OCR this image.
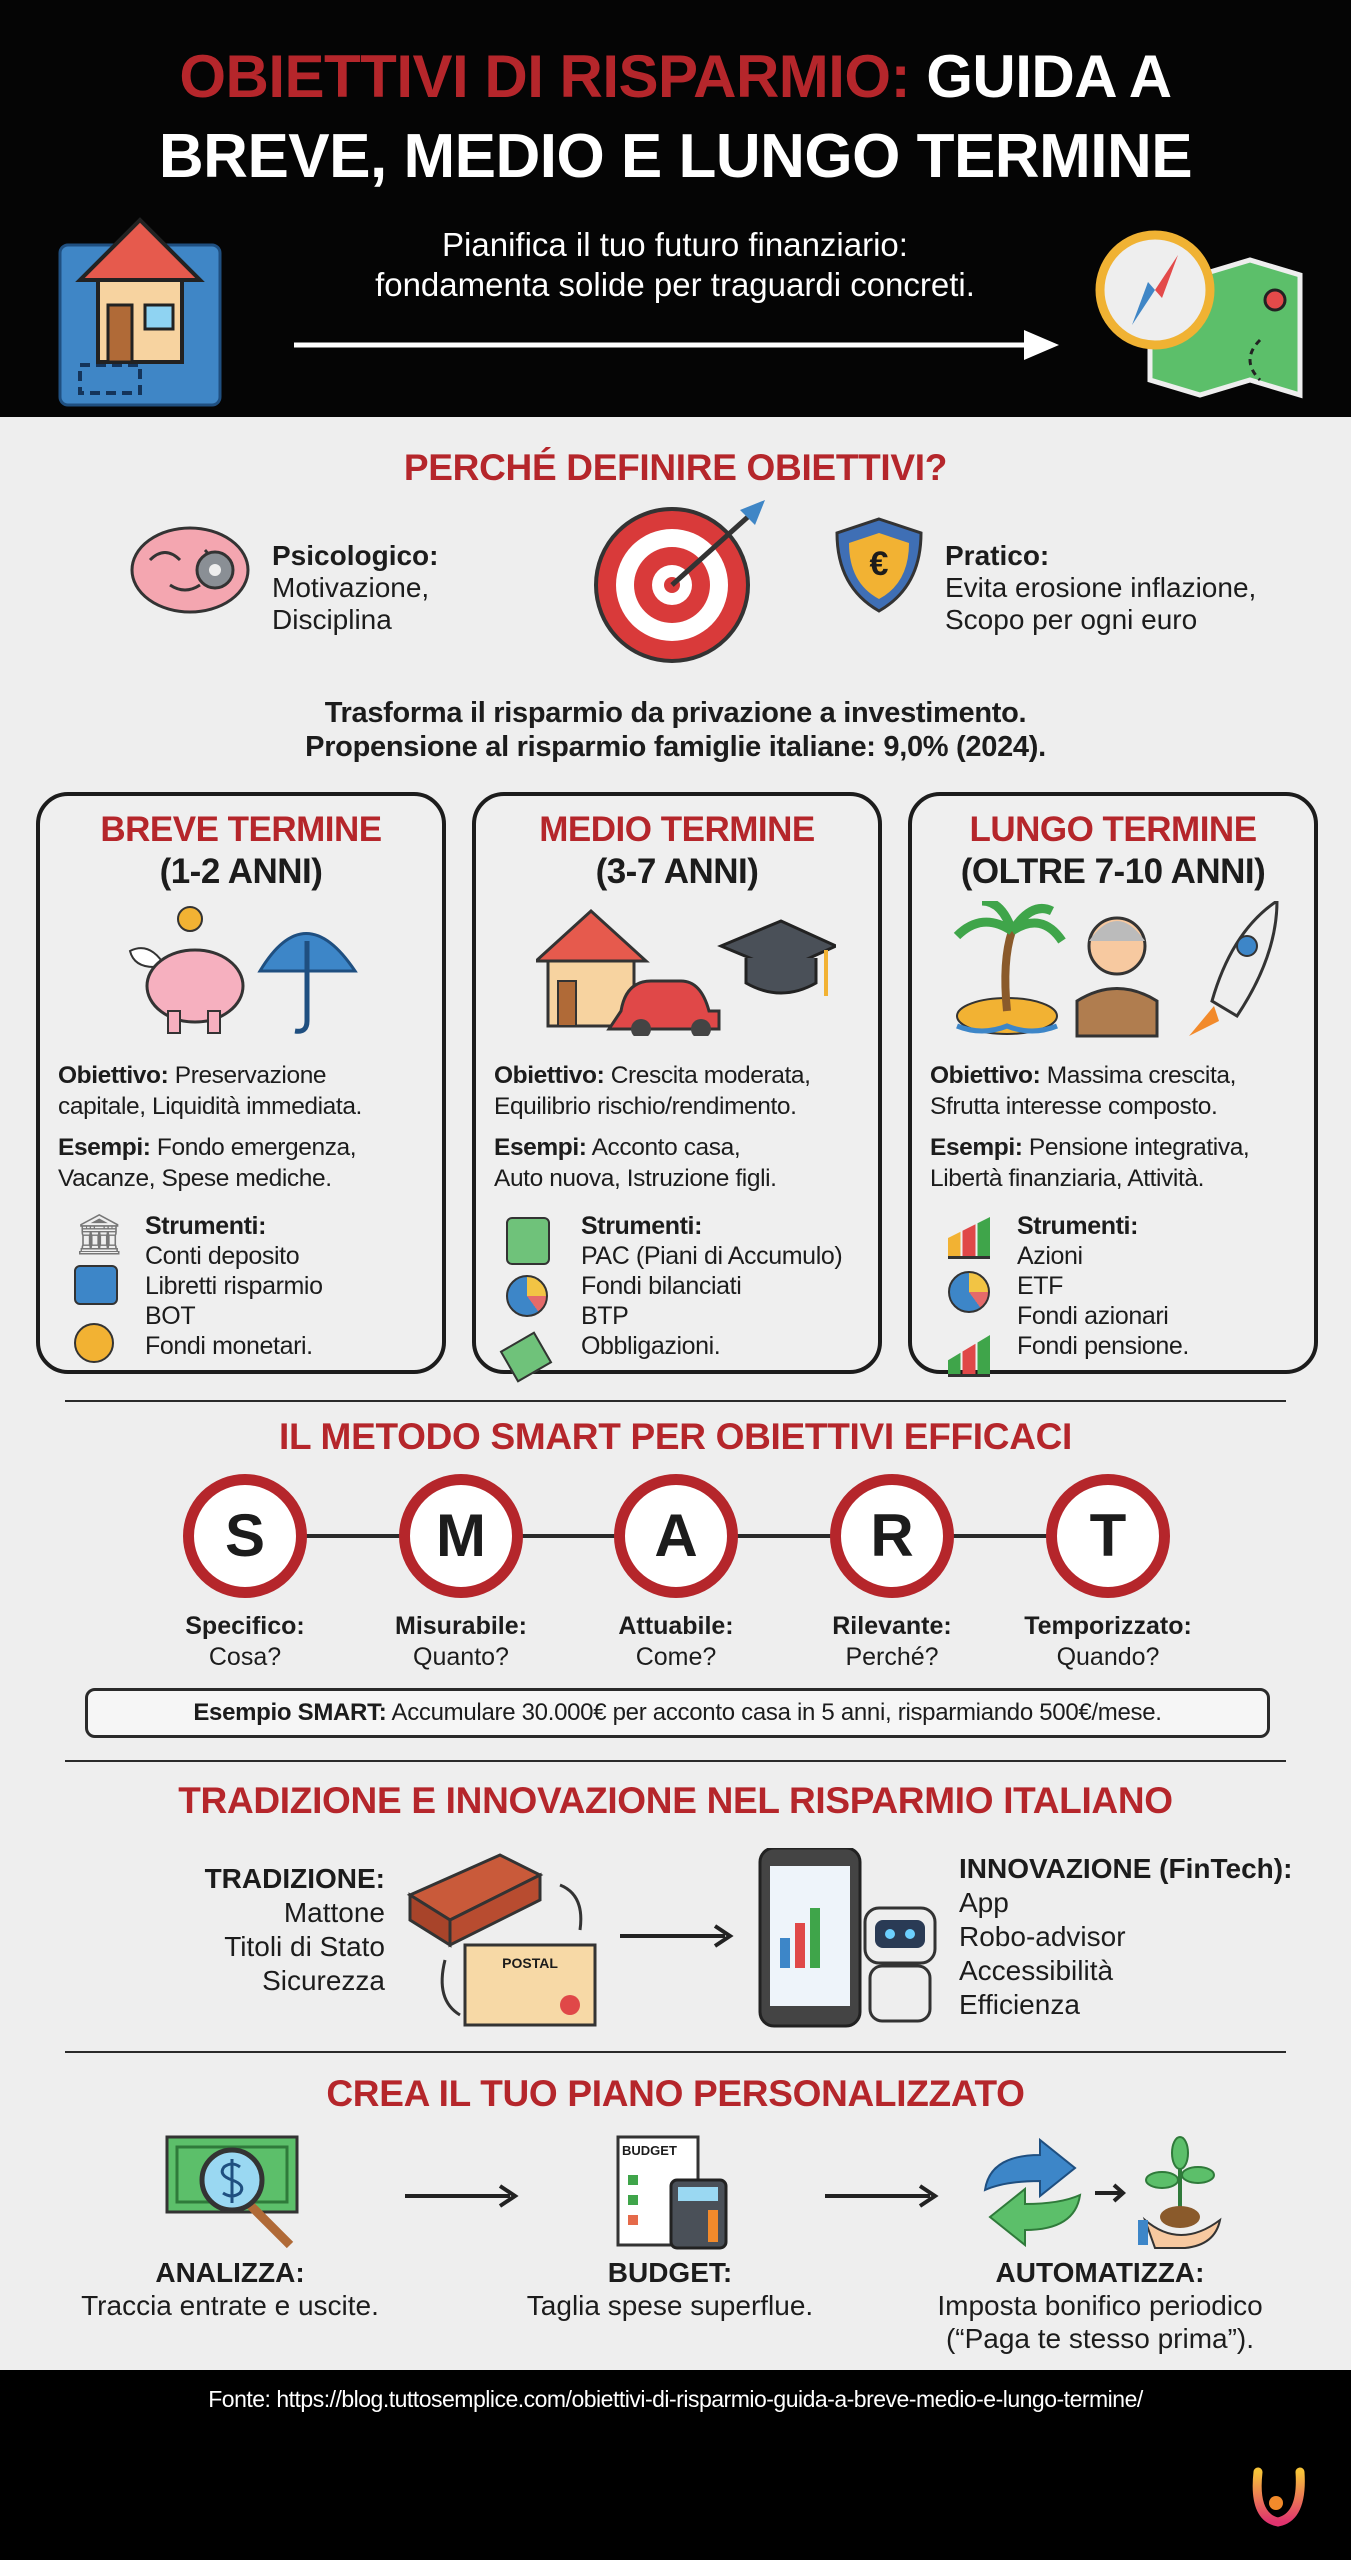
OBIETTIVI DI RISPARMIO: GUIDA A
BREVE, MEDIO E LUNGO TERMINE
Pianifica il tuo futuro finanziario:
fondamenta solide per traguardi concreti.
PERCHÉ DEFINIRE OBIETTIVI?
Psicologico:
Motivazione,
Disciplina
€	Pratico:
Evita erosione inflazione,
Scopo per ogni euro
Trasforma il risparmio da privazione a investimento.
Propensione al risparmio famiglie italiane: 9,0% (2024).
BREVE TERMINE
(1-2 ANNI)
Obiettivo: Preservazione
capitale, Liquidità immediata.
Esempi: Fondo emergenza,
Vacanze, Spese mediche.
🏛 Strumenti:
Conti deposito
Libretti risparmio
BOT
Fondi monetari.
MEDIO TERMINE
(3-7 ANNI)
Obiettivo: Crescita moderata,
Equilibrio rischio/rendimento.
Esempi: Acconto casa,
Auto nuova, Istruzione figli.
Strumenti:
PAC (Piani di Accumulo)
Fondi bilanciati
BTP
Obbligazioni.
LUNGO TERMINE
(OLTRE 7-10 ANNI)
Obiettivo: Massima crescita,
Sfrutta interesse composto.
Esempi: Pensione integrativa,
Libertà finanziaria, Attività.
Strumenti:
Azioni
ETF
Fondi azionari
Fondi pensione.
IL METODO SMART PER OBIETTIVI EFFICACI
S	M	A	R	T
Specifico:
Cosa?
Misurabile:
Quanto?
Attuabile:
Come?
Rilevante:
Perché?
Temporizzato:
Quando?
Esempio SMART: Accumulare 30.000€ per acconto casa in 5 anni, risparmiando 500€/mese.
TRADIZIONE E INNOVAZIONE NEL RISPARMIO ITALIANO
TRADIZIONE:
Mattone
Titoli di Stato
Sicurezza
POSTAL
INNOVAZIONE (FinTech):
App
Robo-advisor
Accessibilità
Efficienza
CREA IL TUO PIANO PERSONALIZZATO
BUDGET
ANALIZZA:
Traccia entrate e uscite.
BUDGET:
Taglia spese superflue.
AUTOMATIZZA:
Imposta bonifico periodico
(“Paga te stesso prima”).
Fonte: https://blog.tuttosemplice.com/obiettivi-di-risparmio-guida-a-breve-medio-e-lungo-termine/
